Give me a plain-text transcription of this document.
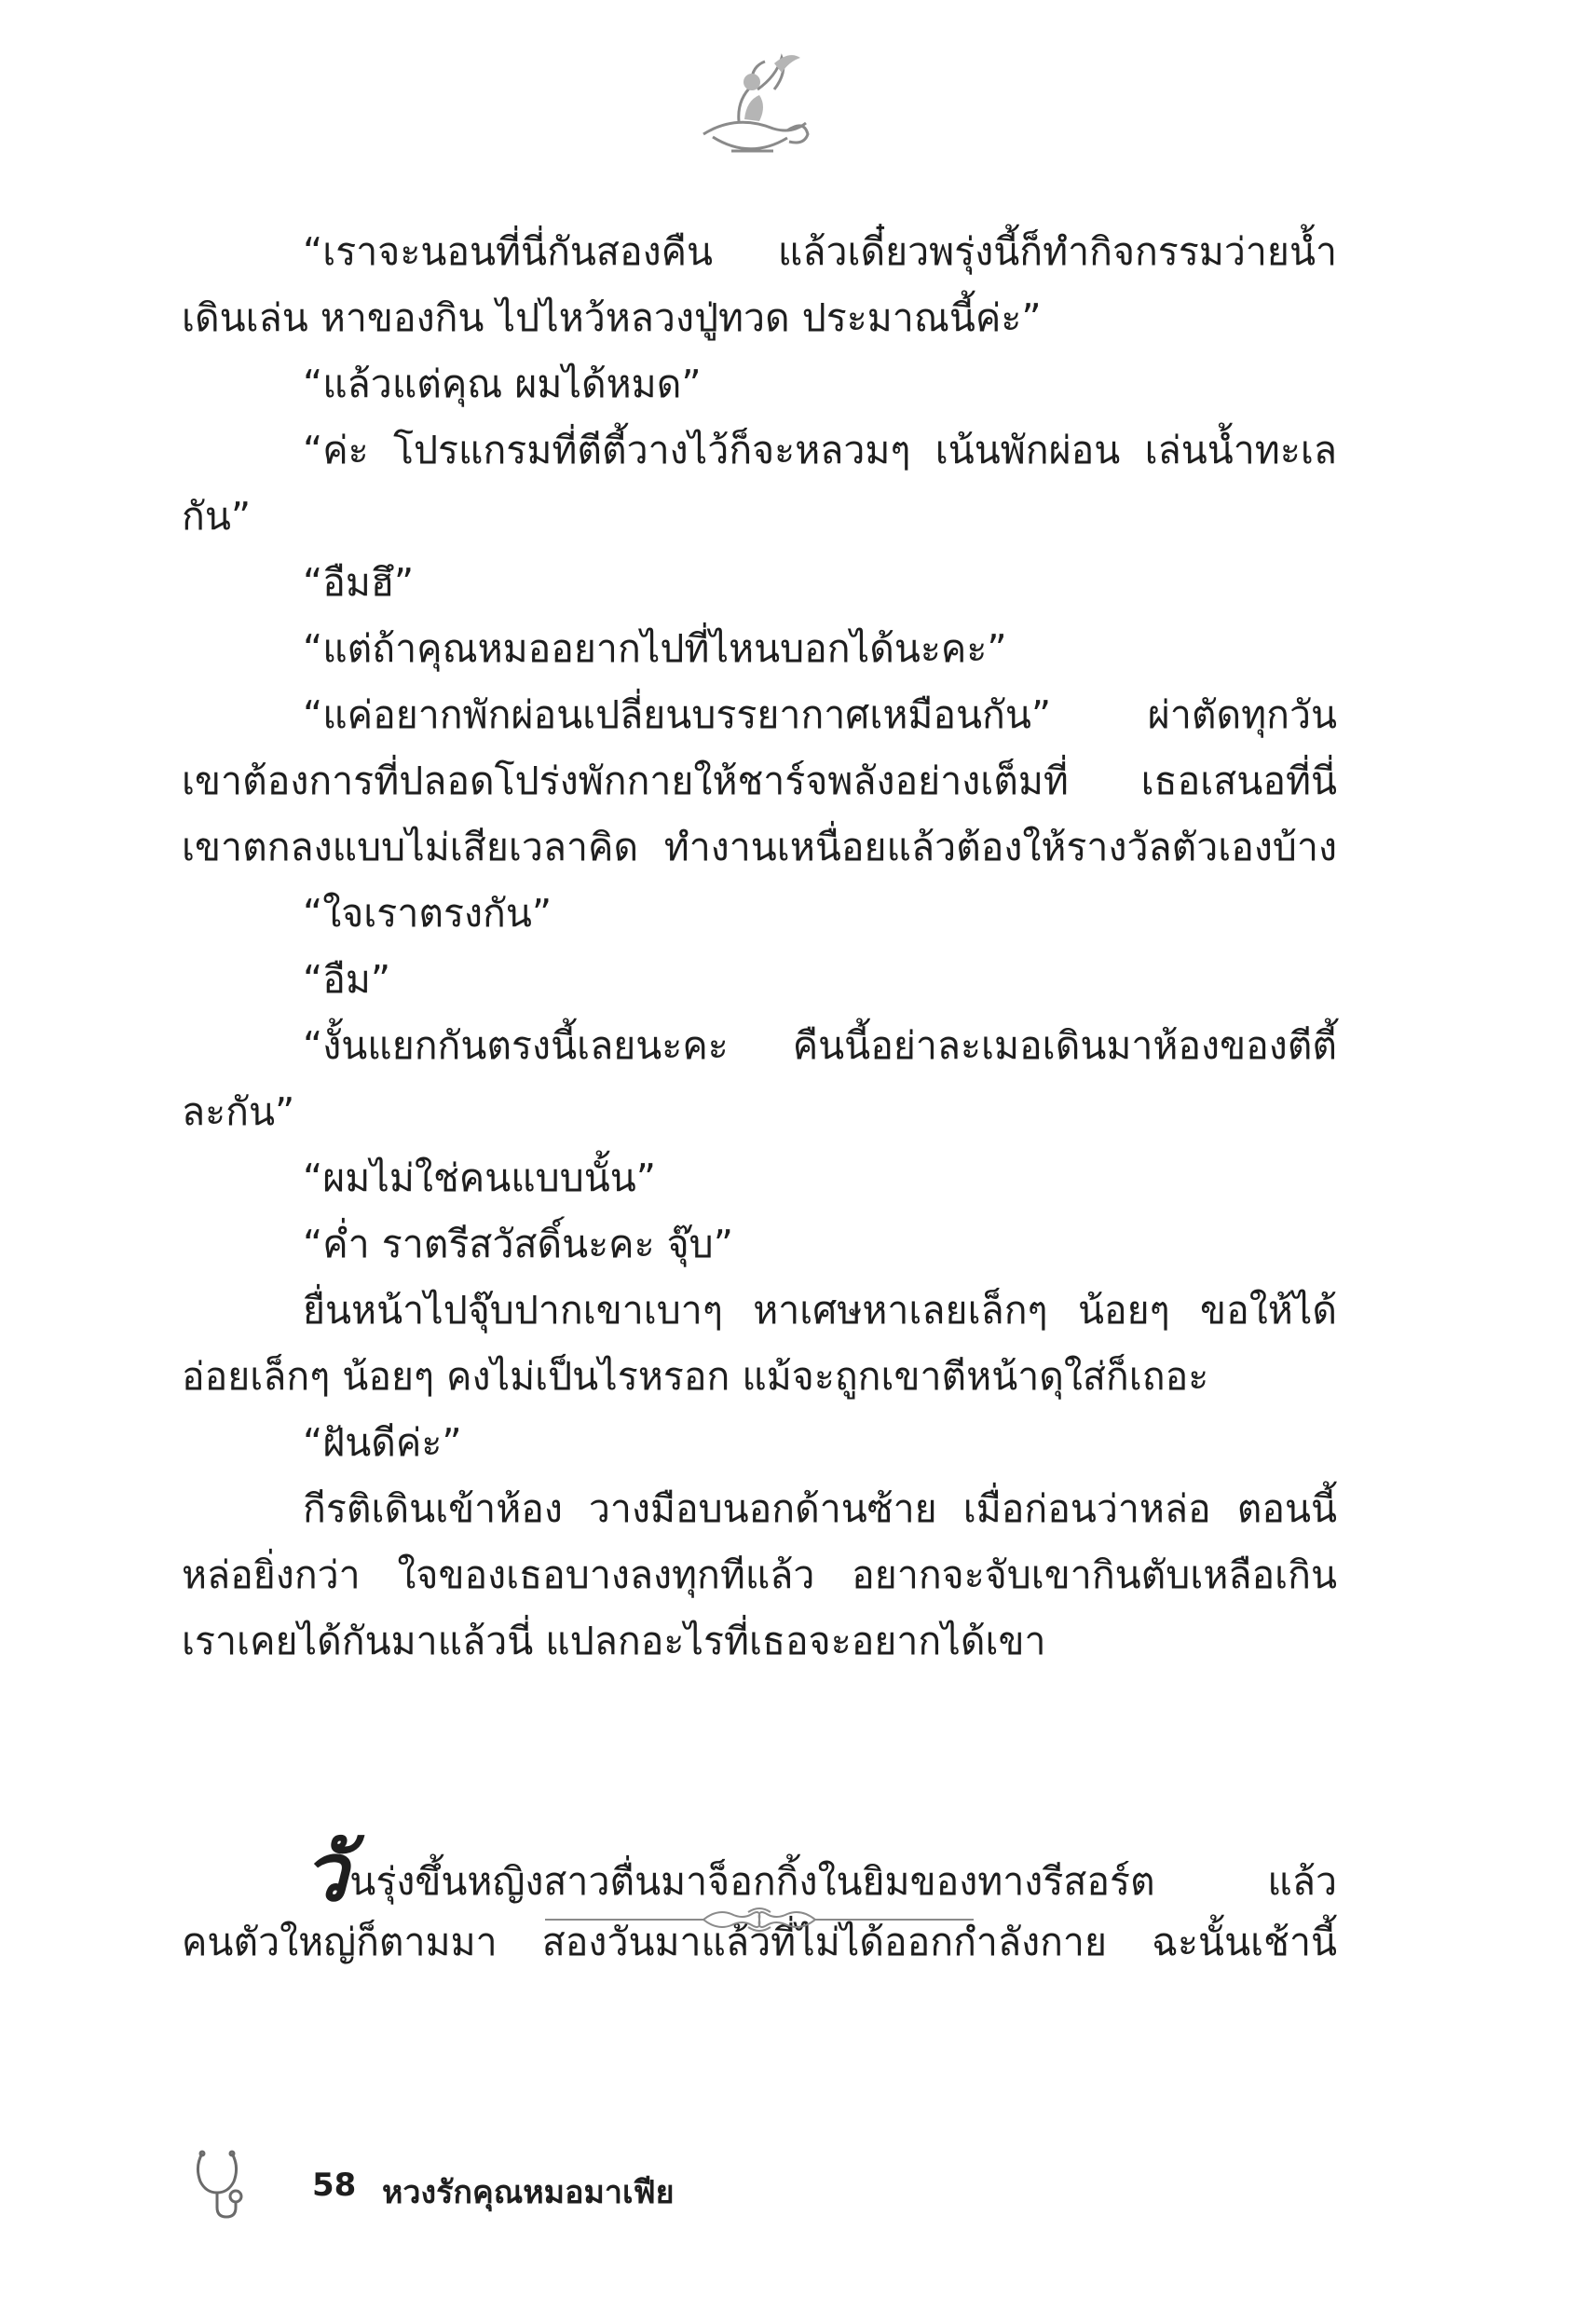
“เราจะนอนที่นี่กันสองคืน แล้วเดี๋ยวพรุ่งนี้ก็ทำกิจกรรมว่ายน้ำ
เดินเล่น หาของกิน ไปไหว้หลวงปู่ทวด ประมาณนี้ค่ะ”
“แล้วแต่คุณ ผมได้หมด”
“ค่ะ โปรแกรมที่ตีตี้วางไว้ก็จะหลวมๆ เน้นพักผ่อน เล่นน้ำทะเล
กัน”
“อืมฮึ”
“แต่ถ้าคุณหมออยากไปที่ไหนบอกได้นะคะ”
“แค่อยากพักผ่อนเปลี่ยนบรรยากาศเหมือนกัน” ผ่าตัดทุกวัน
เขาต้องการที่ปลอดโปร่งพักกายให้ชาร์จพลังอย่างเต็มที่ เธอเสนอที่นี่
เขาตกลงแบบไม่เสียเวลาคิด ทำงานเหนื่อยแล้วต้องให้รางวัลตัวเองบ้าง
“ใจเราตรงกัน”
“อืม”
“งั้นแยกกันตรงนี้เลยนะคะ คืนนี้อย่าละเมอเดินมาห้องของตีตี้
ละกัน”
“ผมไม่ใช่คนแบบนั้น”
“ค่ำ ราตรีสวัสดิ์นะคะ จุ๊บ”
ยื่นหน้าไปจุ๊บปากเขาเบาๆ หาเศษหาเลยเล็กๆ น้อยๆ ขอให้ได้
อ่อยเล็กๆ น้อยๆ คงไม่เป็นไรหรอก แม้จะถูกเขาตีหน้าดุใส่ก็เถอะ
“ฝันดีค่ะ”
กีรติเดินเข้าห้อง วางมือบนอกด้านซ้าย เมื่อก่อนว่าหล่อ ตอนนี้
หล่อยิ่งกว่า ใจของเธอบางลงทุกทีแล้ว อยากจะจับเขากินตับเหลือเกิน
เราเคยได้กันมาแล้วนี่ แปลกอะไรที่เธอจะอยากได้เขา
วันรุ่งขึ้นหญิงสาวตื่นมาจ็อกกิ้งในยิมของทางรีสอร์ต แล้ว
คนตัวใหญ่ก็ตามมา สองวันมาแล้วที่ไม่ได้ออกกำลังกาย ฉะนั้นเช้านี้
58 หวงรักคุณหมอมาเฟีย
